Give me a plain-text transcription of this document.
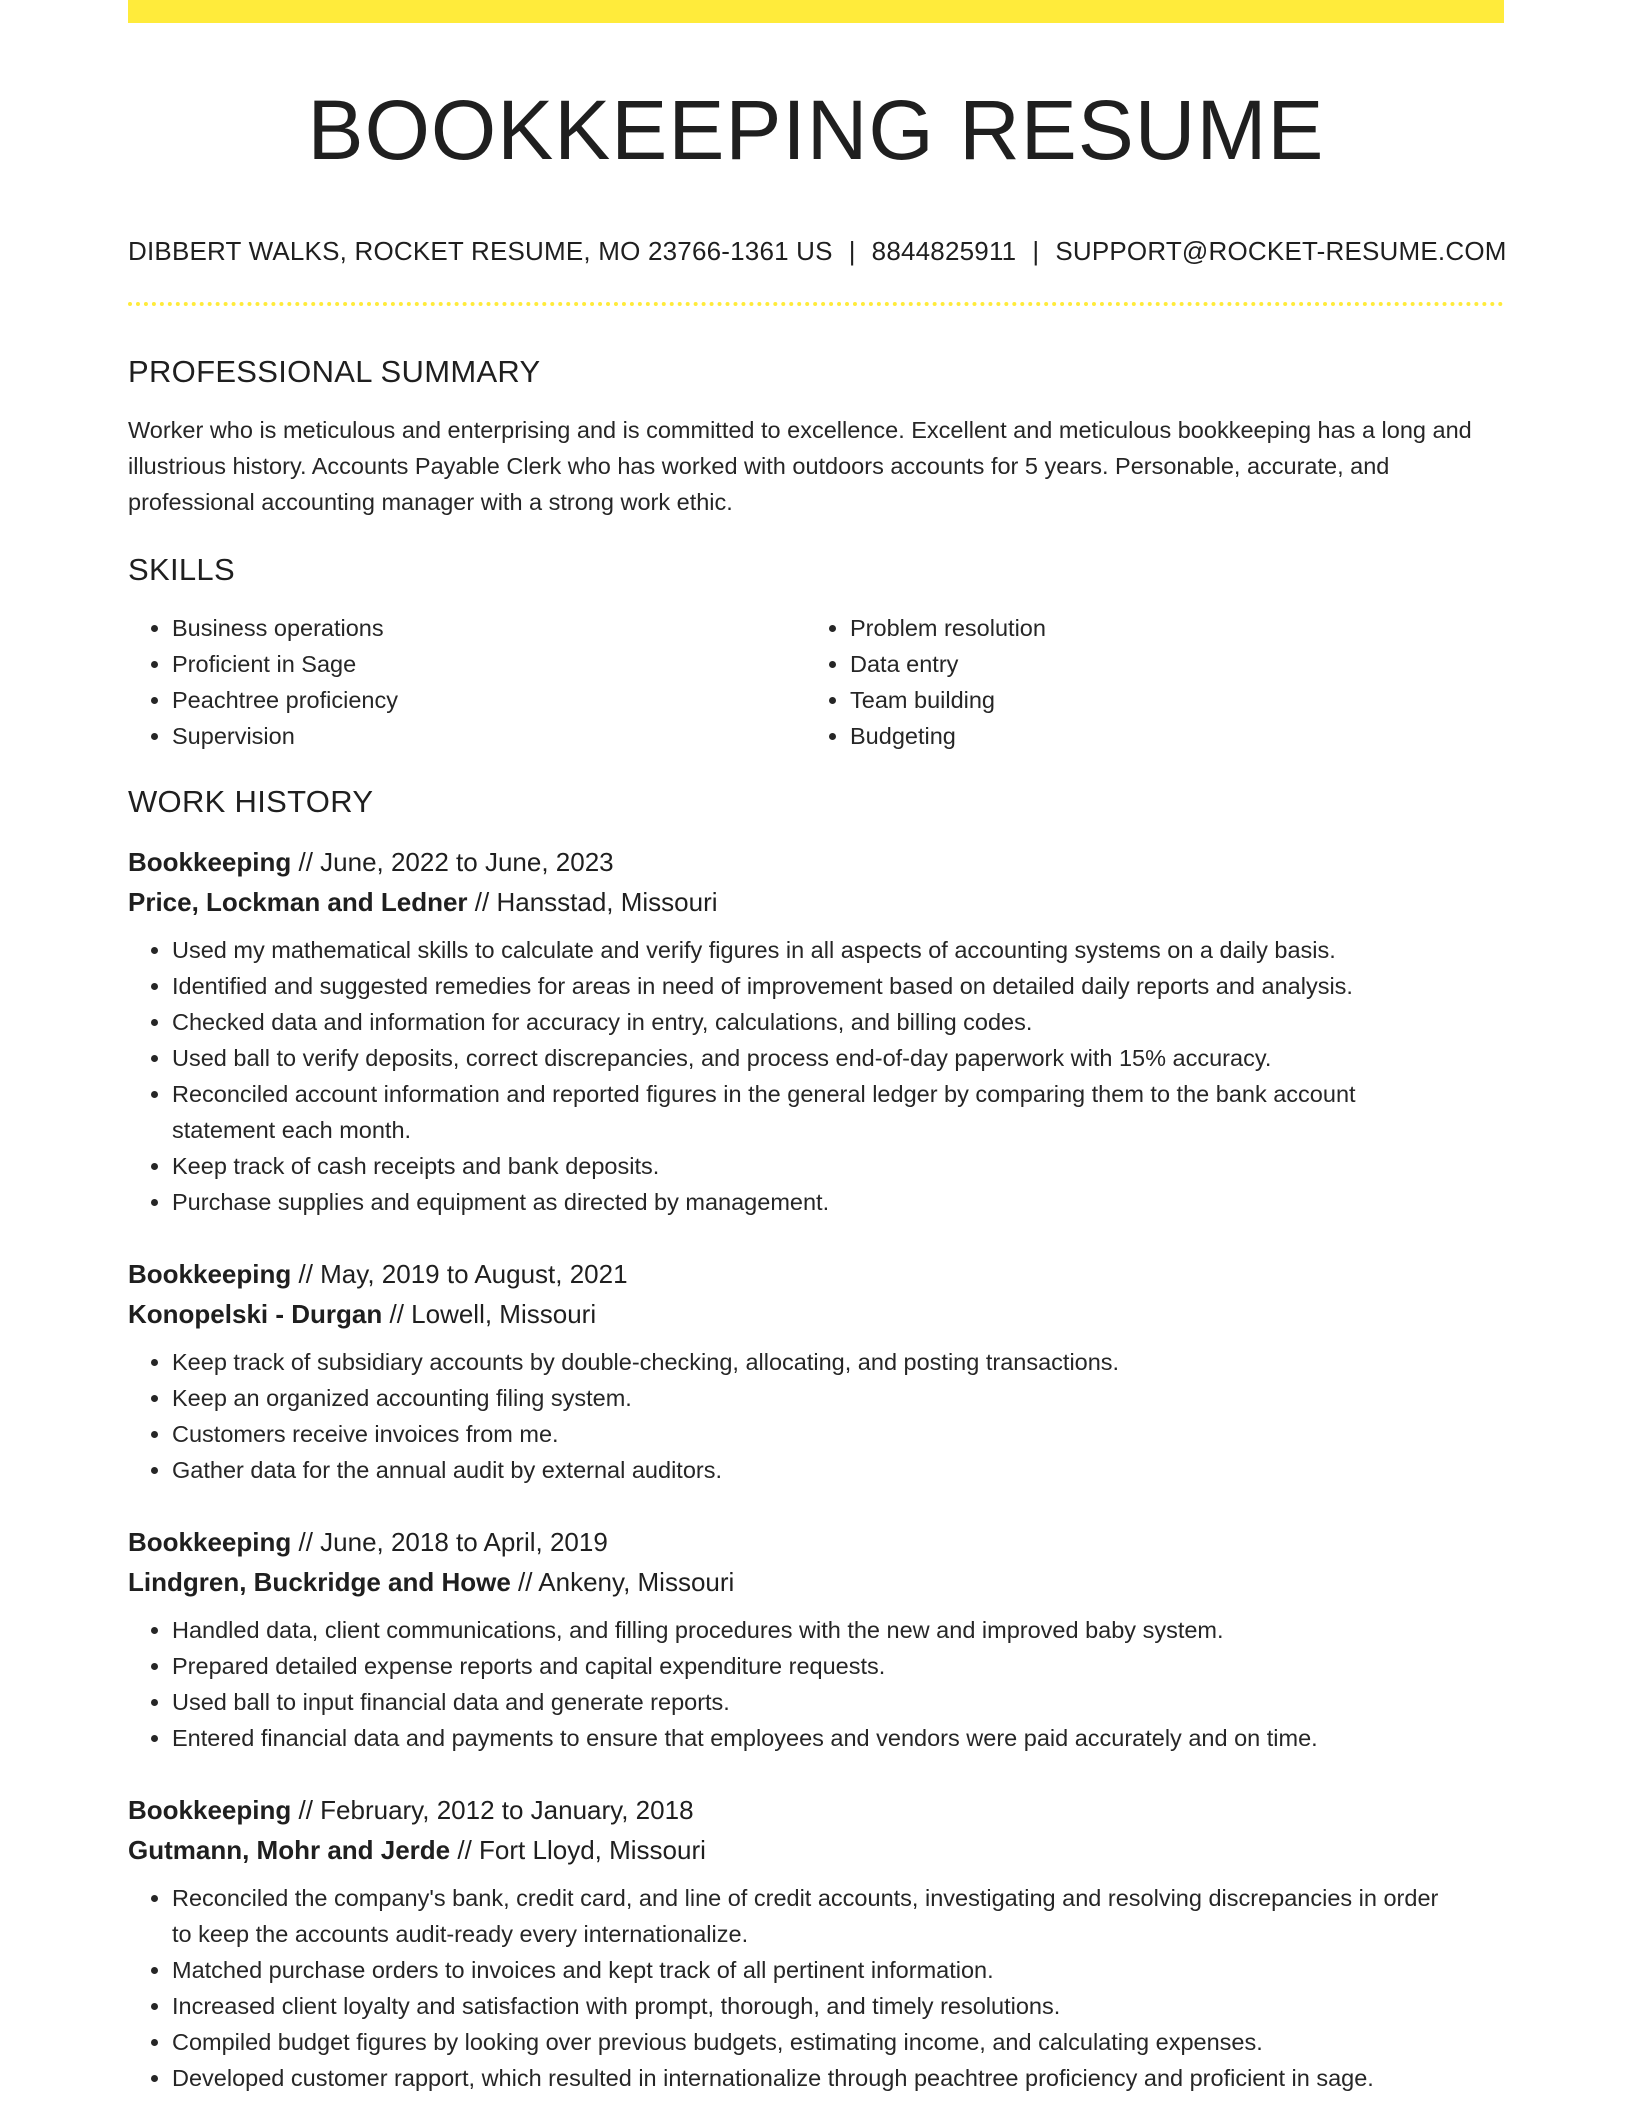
BOOKKEEPING RESUME
DIBBERT WALKS, ROCKET RESUME, MO 23766-1361 US | 8844825911 | SUPPORT@ROCKET-RESUME.COM
PROFESSIONAL SUMMARY

Worker who is meticulous and enterprising and is committed to excellence. Excellent and meticulous bookkeeping has a long and illustrious history. Accounts Payable Clerk who has worked with outdoors accounts for 5 years. Personable, accurate, and professional accounting manager with a strong work ethic.

SKILLS
• Business operations
• Proficient in Sage
• Peachtree proficiency
• Supervision
• Problem resolution
• Data entry
• Team building
• Budgeting
WORK HISTORY
Bookkeeping // June, 2022 to June, 2023
Price, Lockman and Ledner // Hansstad, Missouri
• Used my mathematical skills to calculate and verify figures in all aspects of accounting systems on a daily basis.
• Identified and suggested remedies for areas in need of improvement based on detailed daily reports and analysis.
• Checked data and information for accuracy in entry, calculations, and billing codes.
• Used ball to verify deposits, correct discrepancies, and process end-of-day paperwork with 15% accuracy.
• Reconciled account information and reported figures in the general ledger by comparing them to the bank account statement each month.
• Keep track of cash receipts and bank deposits.
• Purchase supplies and equipment as directed by management.
Bookkeeping // May, 2019 to August, 2021
Konopelski - Durgan // Lowell, Missouri
• Keep track of subsidiary accounts by double-checking, allocating, and posting transactions.
• Keep an organized accounting filing system.
• Customers receive invoices from me.
• Gather data for the annual audit by external auditors.
Bookkeeping // June, 2018 to April, 2019
Lindgren, Buckridge and Howe // Ankeny, Missouri
• Handled data, client communications, and filling procedures with the new and improved baby system.
• Prepared detailed expense reports and capital expenditure requests.
• Used ball to input financial data and generate reports.
• Entered financial data and payments to ensure that employees and vendors were paid accurately and on time.
Bookkeeping // February, 2012 to January, 2018
Gutmann, Mohr and Jerde // Fort Lloyd, Missouri
• Reconciled the company's bank, credit card, and line of credit accounts, investigating and resolving discrepancies in order to keep the accounts audit-ready every internationalize.
• Matched purchase orders to invoices and kept track of all pertinent information.
• Increased client loyalty and satisfaction with prompt, thorough, and timely resolutions.
• Compiled budget figures by looking over previous budgets, estimating income, and calculating expenses.
• Developed customer rapport, which resulted in internationalize through peachtree proficiency and proficient in sage.
